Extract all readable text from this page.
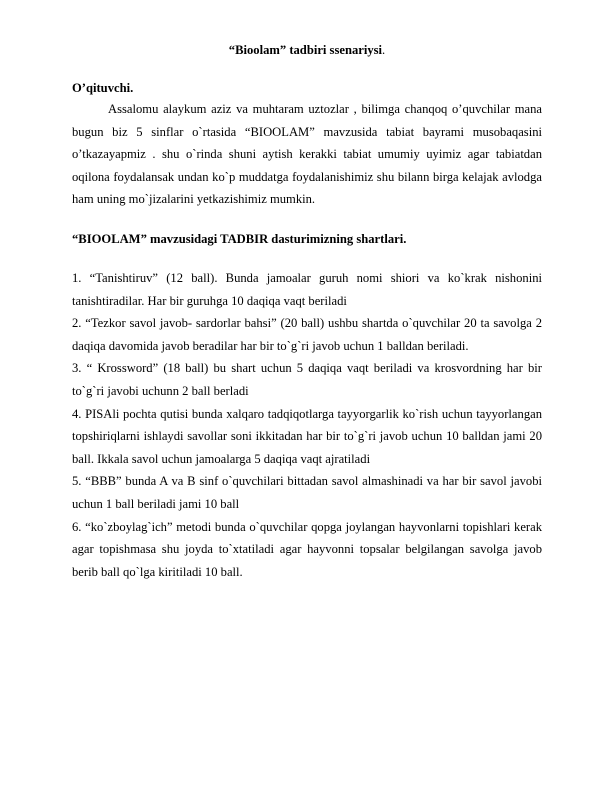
“Bioolam” tadbiri ssenariysi.

O’qituvchi.

Assalomu alaykum aziz va muhtaram uztozlar , bilimga chanqoq o’quvchilar mana bugun biz 5 sinflar o`rtasida “BIOOLAM” mavzusida tabiat bayrami musobaqasini o’tkazayapmiz . shu o`rinda shuni aytish kerakki tabiat umumiy uyimiz agar tabiatdan oqilona foydalansak undan ko`p muddatga foydalanishimiz shu bilann birga kelajak avlodga ham uning mo`jizalarini yetkazishimiz mumkin.

“BIOOLAM” mavzusidagi TADBIR dasturimizning shartlari.

1. “Tanishtiruv” (12 ball). Bunda jamoalar guruh nomi shiori va ko`krak nishonini tanishtiradilar. Har bir guruhga 10 daqiqa vaqt beriladi

2. “Tezkor savol javob- sardorlar bahsi” (20 ball) ushbu shartda o`quvchilar 20 ta savolga 2 daqiqa davomida javob beradilar har bir to`g`ri javob uchun 1 balldan beriladi.

3. “ Krossword” (18 ball) bu shart uchun 5 daqiqa vaqt beriladi va krosvordning har bir to`g`ri javobi uchunn 2 ball berladi

4. PISAli pochta qutisi bunda xalqaro tadqiqotlarga tayyorgarlik ko`rish uchun tayyorlangan topshiriqlarni ishlaydi savollar soni ikkitadan har bir to`g`ri javob uchun 10 balldan jami 20 ball. Ikkala savol uchun jamoalarga 5 daqiqa vaqt ajratiladi

5. “BBB” bunda A va B sinf o`quvchilari bittadan savol almashinadi va har bir savol javobi uchun 1 ball beriladi jami 10 ball

6. “ko`zboylag`ich” metodi bunda o`quvchilar qopga joylangan hayvonlarni topishlari kerak agar topishmasa shu joyda to`xtatiladi agar hayvonni topsalar belgilangan savolga javob berib ball qo`lga kiritiladi 10 ball.
